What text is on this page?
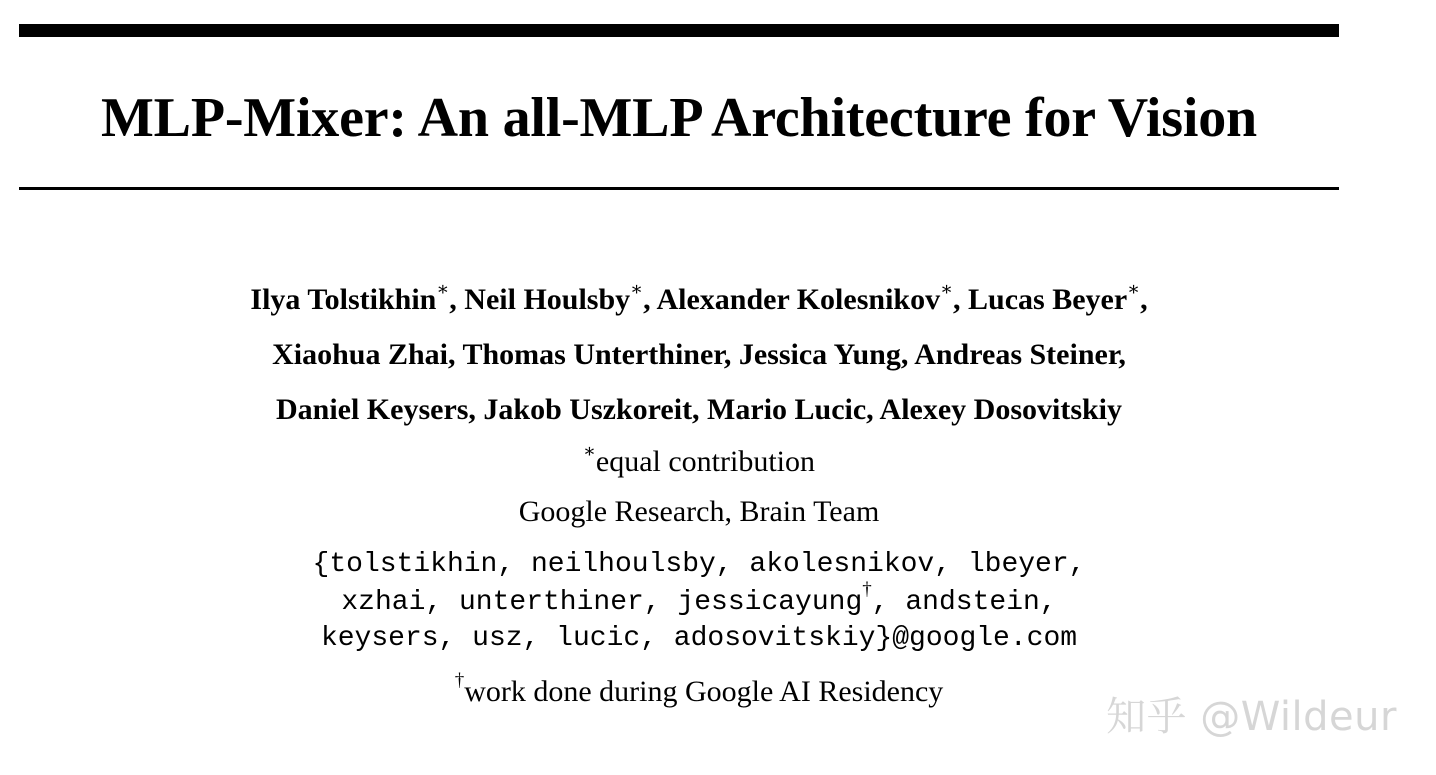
MLP-Mixer: An all-MLP Architecture for Vision
Ilya Tolstikhin∗, Neil Houlsby∗, Alexander Kolesnikov∗, Lucas Beyer∗,
Xiaohua Zhai, Thomas Unterthiner, Jessica Yung, Andreas Steiner,
Daniel Keysers, Jakob Uszkoreit, Mario Lucic, Alexey Dosovitskiy
∗equal contribution
Google Research, Brain Team
{tolstikhin, neilhoulsby, akolesnikov, lbeyer,
xzhai, unterthiner, jessicayung†, andstein,
keysers, usz, lucic, adosovitskiy}@google.com
†work done during Google AI Residency
知乎 @Wildeur
